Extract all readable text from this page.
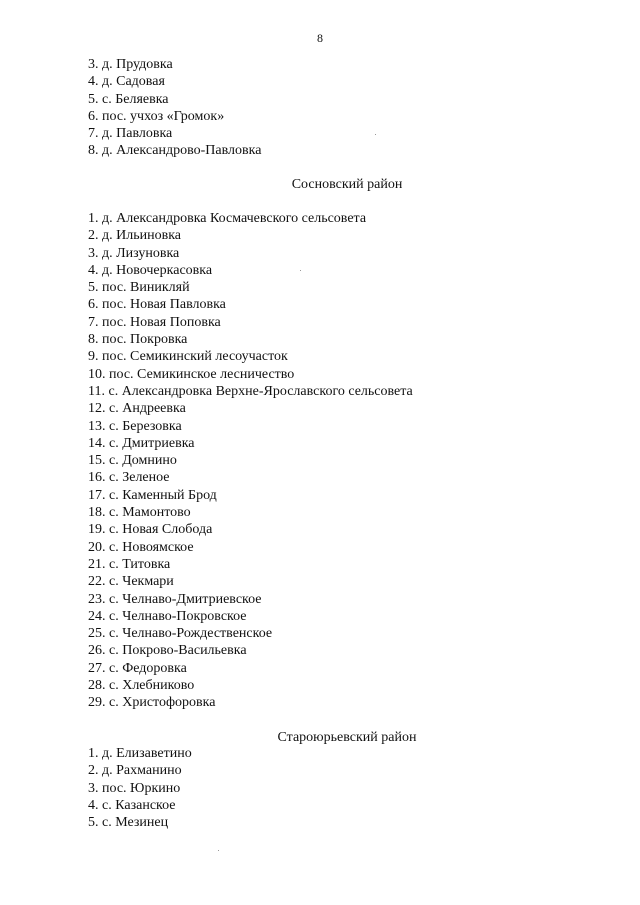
8
3. д. Прудовка
4. д. Садовая
5. с. Беляевка
6. пос. учхоз «Громок»
7. д. Павловка
8. д. Александрово-Павловка
Сосновский район
1. д. Александровка Космачевского сельсовета
2. д. Ильиновка
3. д. Лизуновка
4. д. Новочеркасовка
5. пос. Виникляй
6. пос. Новая Павловка
7. пос. Новая Поповка
8. пос. Покровка
9. пос. Семикинский лесоучасток
10. пос. Семикинское лесничество
11. с. Александровка Верхне-Ярославского сельсовета
12. с. Андреевка
13. с. Березовка
14. с. Дмитриевка
15. с. Домнино
16. с. Зеленое
17. с. Каменный Брод
18. с. Мамонтово
19. с. Новая Слобода
20. с. Новоямское
21. с. Титовка
22. с. Чекмари
23. с. Челнаво-Дмитриевское
24. с. Челнаво-Покровское
25. с. Челнаво-Рождественское
26. с. Покрово-Васильевка
27. с. Федоровка
28. с. Хлебниково
29. с. Христофоровка
Староюрьевский район
1. д. Елизаветино
2. д. Рахманино
3. пос. Юркино
4. с. Казанское
5. с. Мезинец
